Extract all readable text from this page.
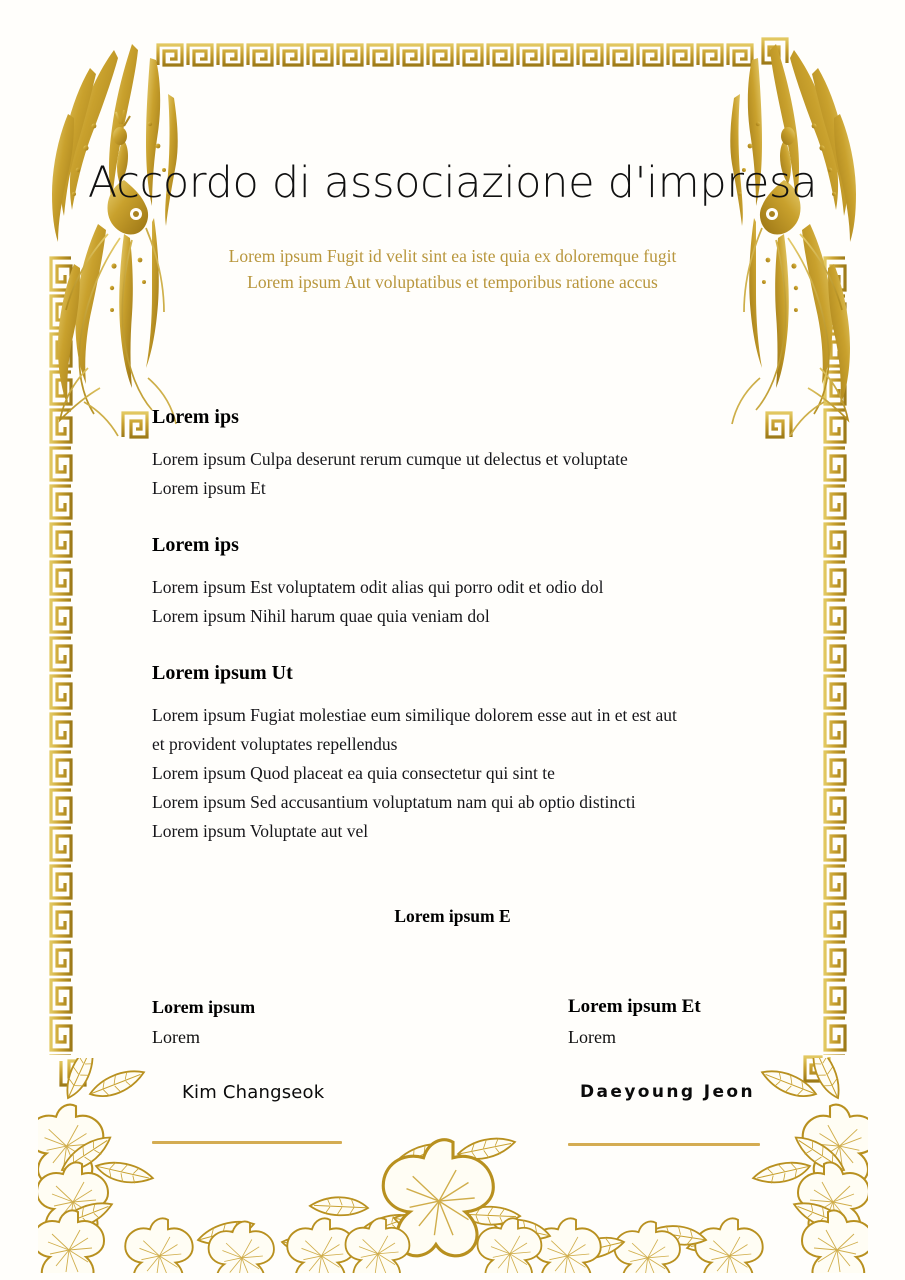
Accordo di associazione d'impresa
Lorem ipsum Fugit id velit sint ea iste quia ex doloremque fugit
Lorem ipsum Aut voluptatibus et temporibus ratione accus
Lorem ips
Lorem ipsum Culpa deserunt rerum cumque ut delectus et voluptate
Lorem ipsum Et
Lorem ips
Lorem ipsum Est voluptatem odit alias qui porro odit et odio dol
Lorem ipsum Nihil harum quae quia veniam dol
Lorem ipsum Ut
Lorem ipsum Fugiat molestiae eum similique dolorem esse aut in et est aut
et provident voluptates repellendus
Lorem ipsum Quod placeat ea quia consectetur qui sint te
Lorem ipsum Sed accusantium voluptatum nam qui ab optio distincti
Lorem ipsum Voluptate aut vel
Lorem ipsum E
Lorem ipsum
Lorem
Kim Changseok
Lorem ipsum Et
Lorem
Daeyoung Jeon
